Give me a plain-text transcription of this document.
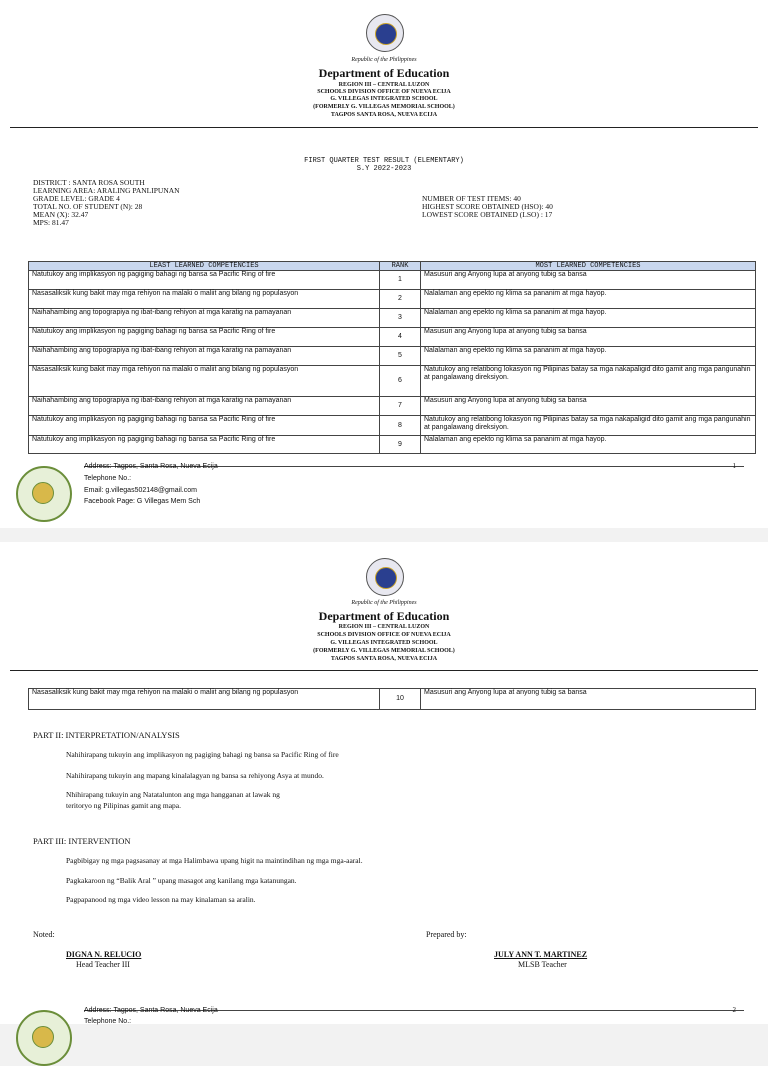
Republic of the Philippines
Department of Education
REGION III – CENTRAL LUZON
SCHOOLS DIVISION OFFICE OF NUEVA ECIJA
G. VILLEGAS INTEGRATED SCHOOL
(FORMERLY G. VILLEGAS MEMORIAL SCHOOL)
TAGPOS SANTA ROSA, NUEVA ECIJA
FIRST QUARTER TEST RESULT (ELEMENTARY)
S.Y 2022-2023
DISTRICT : SANTA ROSA SOUTH
LEARNING AREA: ARALING PANLIPUNAN
GRADE LEVEL: GRADE 4
TOTAL NO. OF STUDENT (N): 28
MEAN (X): 32.47
MPS: 81.47
NUMBER OF TEST ITEMS: 40
HIGHEST SCORE OBTAINED (HSO): 40
LOWEST SCORE OBTAINED (LSO) : 17
LEAST LEARNED COMPETENCIES	RANK	MOST LEARNED COMPETENCIES
Natutukoy ang implikasyon ng pagiging bahagi ng bansa sa Pacific Ring of fire	1	Masusuri ang Anyong lupa at anyong tubig sa bansa
Nasasaliksik kung bakit may mga rehiyon na malaki o maliit ang bilang ng populasyon	2	Nalalaman ang epekto ng klima sa pananim at mga hayop.
Naihahambing ang topograpiya ng ibat-ibang rehiyon at mga karatig na pamayanan	3	Nalalaman ang epekto ng klima sa pananim at mga hayop.
Natutukoy ang implikasyon ng pagiging bahagi ng bansa sa Pacific Ring of fire	4	Masusuri ang Anyong lupa at anyong tubig sa bansa
Naihahambing ang topograpiya ng ibat-ibang rehiyon at mga karatig na pamayanan	5	Nalalaman ang epekto ng klima sa pananim at mga hayop.
Nasasaliksik kung bakit may mga rehiyon na malaki o maliit ang bilang ng populasyon	6	Natutukoy ang relatibong lokasyon ng Pilipinas batay sa mga nakapaligid dito gamit ang mga pangunahin at pangalawang direksiyon.
Naihahambing ang topograpiya ng ibat-ibang rehiyon at mga karatig na pamayanan	7	Masusuri ang Anyong lupa at anyong tubig sa bansa
Natutukoy ang implikasyon ng pagiging bahagi ng bansa sa Pacific Ring of fire	8	Natutukoy ang relatibong lokasyon ng Pilipinas batay sa mga nakapaligid dito gamit ang mga pangunahin at pangalawang direksiyon.
Natutukoy ang implikasyon ng pagiging bahagi ng bansa sa Pacific Ring of fire	9	Nalalaman ang epekto ng klima sa pananim at mga hayop.
1
Address: Tagpos, Santa Rosa, Nueva Ecija
Telephone No.:
Email: g.villegas502148@gmail.com
Facebook Page: G Villegas Mem Sch
Republic of the Philippines
Department of Education
REGION III – CENTRAL LUZON
SCHOOLS DIVISION OFFICE OF NUEVA ECIJA
G. VILLEGAS INTEGRATED SCHOOL
(FORMERLY G. VILLEGAS MEMORIAL SCHOOL)
TAGPOS SANTA ROSA, NUEVA ECIJA
Nasasaliksik kung bakit may mga rehiyon na malaki o maliit ang bilang ng populasyon	10	Masusuri ang Anyong lupa at anyong tubig sa bansa
PART II: INTERPRETATION/ANALYSIS
Nahihirapang tukuyin ang implikasyon ng pagiging bahagi ng bansa sa Pacific Ring of fire
Nahihirapang tukuyin ang mapang kinalalagyan ng bansa sa rehiyong Asya at mundo.
Nhihirapang tukuyin ang Natatalunton ang mga hangganan at lawak ng
teritoryo ng Pilipinas gamit ang mapa.
PART III: INTERVENTION
Pagbibigay ng mga pagsasanay at mga Halimbawa upang higit na maintindihan ng mga mga-aaral.
Pagkakaroon ng “Balik Aral ” upang masagot ang kanilang mga katanungan.
Pagpapanood ng mga video lesson na may kinalaman sa aralin.
Noted:	Prepared by:
DIGNA N. RELUCIO
Head Teacher III
JULY ANN T. MARTINEZ
MLSB Teacher
2
Address: Tagpos, Santa Rosa, Nueva Ecija
Telephone No.:
